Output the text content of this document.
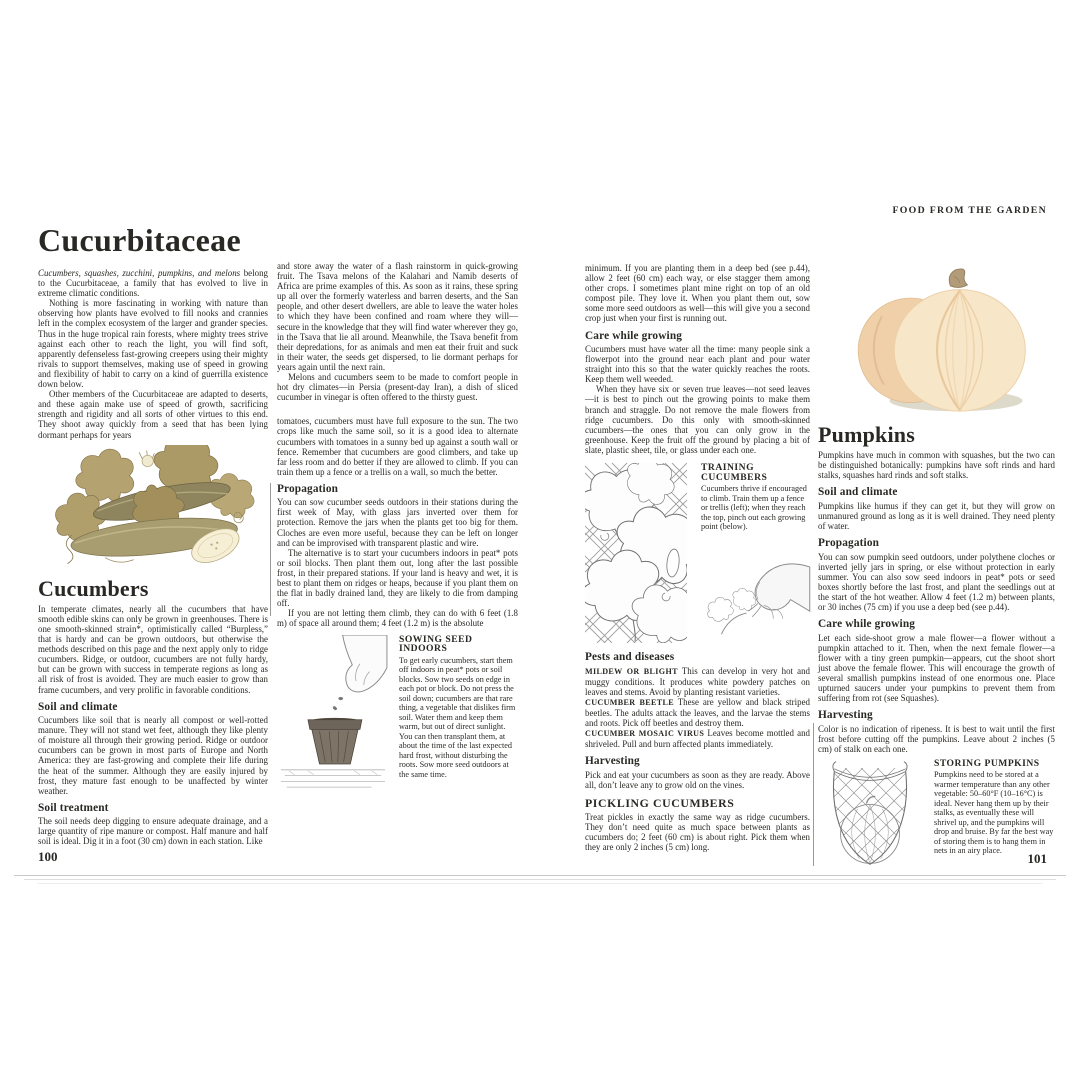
FOOD FROM THE GARDEN
Cucurbitaceae

Cucumbers, squashes, zucchini, pumpkins, and melons belong to the Cucurbitaceae, a family that has evolved to live in extreme climatic conditions.

Nothing is more fascinating in working with nature than observing how plants have evolved to fill nooks and crannies left in the complex ecosystem of the larger and grander species. Thus in the huge tropical rain forests, where mighty trees strive against each other to reach the light, you will find soft, apparently defenseless fast-growing creepers using their mighty rivals to support themselves, making use of speed in growing and flexibility of habit to carry on a kind of guerrilla existence down below.

Other members of the Cucurbitaceae are adapted to deserts, and these again make use of speed of growth, sacrificing strength and rigidity and all sorts of other virtues to this end. They shoot away quickly from a seed that has been lying dormant perhaps for years

Cucumbers

In temperate climates, nearly all the cucumbers that have smooth edible skins can only be grown in greenhouses. There is one smooth-skinned strain*, optimistically called “Burpless,” that is hardy and can be grown outdoors, but otherwise the methods described on this page and the next apply only to ridge cucumbers. Ridge, or outdoor, cucumbers are not fully hardy, but can be grown with success in temperate regions as long as all risk of frost is avoided. They are much easier to grow than frame cucumbers, and very prolific in favorable conditions.

Soil and climate

Cucumbers like soil that is nearly all compost or well-rotted manure. They will not stand wet feet, although they like plenty of moisture all through their growing period. Ridge or outdoor cucumbers can be grown in most parts of Europe and North America: they are fast-growing and complete their life during the heat of the summer. Although they are easily injured by frost, they mature fast enough to be unaffected by winter weather.

Soil treatment

The soil needs deep digging to ensure adequate drainage, and a large quantity of ripe manure or compost. Half manure and half soil is ideal. Dig it in a foot (30 cm) down in each station. Like

and store away the water of a flash rainstorm in quick-growing fruit. The Tsava melons of the Kalahari and Namib deserts of Africa are prime examples of this. As soon as it rains, these spring up all over the formerly waterless and barren deserts, and the San people, and other desert dwellers, are able to leave the water holes to which they have been confined and roam where they will—secure in the knowledge that they will find water wherever they go, in the Tsava that lie all around. Meanwhile, the Tsava benefit from their depredations, for as animals and men eat their fruit and suck in their water, the seeds get dispersed, to lie dormant perhaps for years again until the next rain.

Melons and cucumbers seem to be made to comfort people in hot dry climates—in Persia (present-day Iran), a dish of sliced cucumber in vinegar is often offered to the thirsty guest.

tomatoes, cucumbers must have full exposure to the sun. The two crops like much the same soil, so it is a good idea to alternate cucumbers with tomatoes in a sunny bed up against a south wall or fence. Remember that cucumbers are good climbers, and take up far less room and do better if they are allowed to climb. If you can train them up a fence or a trellis on a wall, so much the better.

Propagation

You can sow cucumber seeds outdoors in their stations during the first week of May, with glass jars inverted over them for protection. Remove the jars when the plants get too big for them. Cloches are even more useful, because they can be left on longer and can be improvised with transparent plastic and wire.

The alternative is to start your cucumbers indoors in peat* pots or soil blocks. Then plant them out, long after the last possible frost, in their prepared stations. If your land is heavy and wet, it is best to plant them on ridges or heaps, because if you plant them on the flat in badly drained land, they are likely to die from damping off.

If you are not letting them climb, they can do with 6 feet (1.8 m) of space all around them; 4 feet (1.2 m) is the absolute

SOWING SEED INDOORS
To get early cucumbers, start them off indoors in peat* pots or soil blocks. Sow two seeds on edge in each pot or block. Do not press the soil down; cucumbers are that rare thing, a vegetable that dislikes firm soil. Water them and keep them warm, but out of direct sunlight. You can then transplant them, at about the time of the last expected hard frost, without disturbing the roots. Sow more seed outdoors at the same time.

minimum. If you are planting them in a deep bed (see p.44), allow 2 feet (60 cm) each way, or else stagger them among other crops. I sometimes plant mine right on top of an old compost pile. They love it. When you plant them out, sow some more seed outdoors as well—this will give you a second crop just when your first is running out.

Care while growing

Cucumbers must have water all the time: many people sink a flowerpot into the ground near each plant and pour water straight into this so that the water quickly reaches the roots. Keep them well weeded.

When they have six or seven true leaves—not seed leaves—it is best to pinch out the growing points to make them branch and straggle. Do not remove the male flowers from ridge cucumbers. Do this only with smooth-skinned cucumbers—the ones that you can only grow in the greenhouse. Keep the fruit off the ground by placing a bit of slate, plastic sheet, tile, or glass under each one.

TRAINING CUCUMBERS
Cucumbers thrive if encouraged to climb. Train them up a fence or trellis (left); when they reach the top, pinch out each growing point (below).
Pests and diseases

MILDEW OR BLIGHT This can develop in very hot and muggy conditions. It produces white powdery patches on leaves and stems. Avoid by planting resistant varieties.

CUCUMBER BEETLE These are yellow and black striped beetles. The adults attack the leaves, and the larvae the stems and roots. Pick off beetles and destroy them.

CUCUMBER MOSAIC VIRUS Leaves become mottled and shriveled. Pull and burn affected plants immediately.

Harvesting

Pick and eat your cucumbers as soon as they are ready. Above all, don’t leave any to grow old on the vines.

PICKLING CUCUMBERS

Treat pickles in exactly the same way as ridge cucumbers. They don’t need quite as much space between plants as cucumbers do; 2 feet (60 cm) is about right. Pick them when they are only 2 inches (5 cm) long.

Pumpkins

Pumpkins have much in common with squashes, but the two can be distinguished botanically: pumpkins have soft rinds and hard stalks, squashes hard rinds and soft stalks.

Soil and climate

Pumpkins like humus if they can get it, but they will grow on unmanured ground as long as it is well drained. They need plenty of water.

Propagation

You can sow pumpkin seed outdoors, under polythene cloches or inverted jelly jars in spring, or else without protection in early summer. You can also sow seed indoors in peat* pots or seed boxes shortly before the last frost, and plant the seedlings out at the start of the hot weather. Allow 4 feet (1.2 m) between plants, or 30 inches (75 cm) if you use a deep bed (see p.44).

Care while growing

Let each side-shoot grow a male flower—a flower without a pumpkin attached to it. Then, when the next female flower—a flower with a tiny green pumpkin—appears, cut the shoot short just above the female flower. This will encourage the growth of several smallish pumpkins instead of one enormous one. Place upturned saucers under your pumpkins to prevent them from suffering from rot (see Squashes).

Harvesting

Color is no indication of ripeness. It is best to wait until the first frost before cutting off the pumpkins. Leave about 2 inches (5 cm) of stalk on each one.

STORING PUMPKINS
Pumpkins need to be stored at a warmer temperature than any other vegetable: 50–60°F (10–16°C) is ideal. Never hang them up by their stalks, as eventually these will shrivel up, and the pumpkins will drop and bruise. By far the best way of storing them is to hang them in nets in an airy place.
100	101
